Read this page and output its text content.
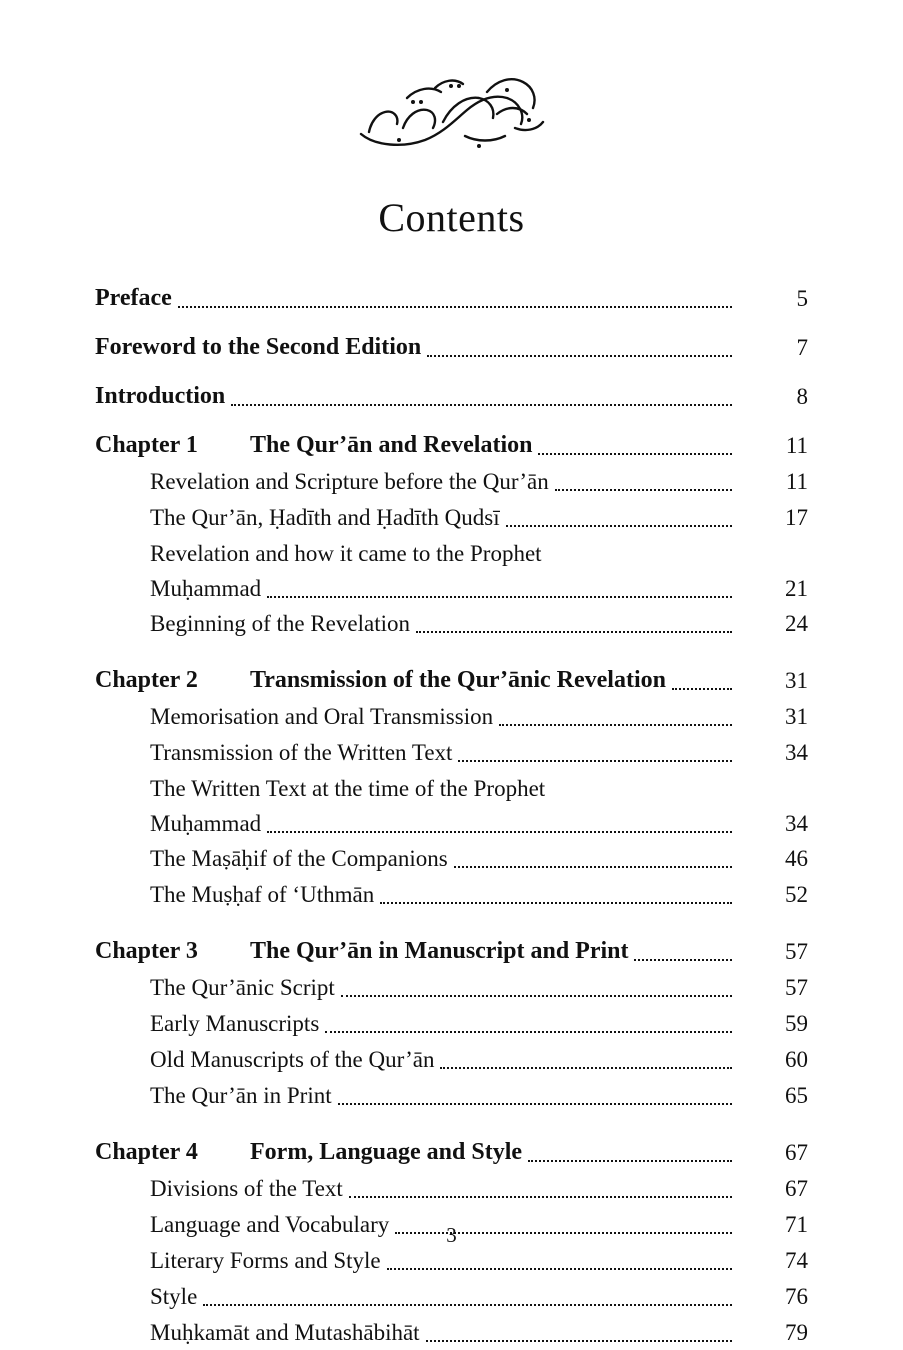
Contents
Preface	5
Foreword to the Second Edition	7
Introduction	8
Chapter 1	The Qur’ān and Revelation	11
Revelation and Scripture before the Qur’ān	11
The Qur’ān, Ḥadīth and Ḥadīth Qudsī	17
Revelation and how it came to the Prophet
Muḥammad	21
Beginning of the Revelation	24
Chapter 2	Transmission of the Qur’ānic Revelation	31
Memorisation and Oral Transmission	31
Transmission of the Written Text	34
The Written Text at the time of the Prophet
Muḥammad	34
The Maṣāḥif of the Companions	46
The Muṣḥaf of ‘Uthmān	52
Chapter 3	The Qur’ān in Manuscript and Print	57
The Qur’ānic Script	57
Early Manuscripts	59
Old Manuscripts of the Qur’ān	60
The Qur’ān in Print	65
Chapter 4	Form, Language and Style	67
Divisions of the Text	67
Language and Vocabulary	71
Literary Forms and Style	74
Style	76
Muḥkamāt and Mutashābihāt	79
3
